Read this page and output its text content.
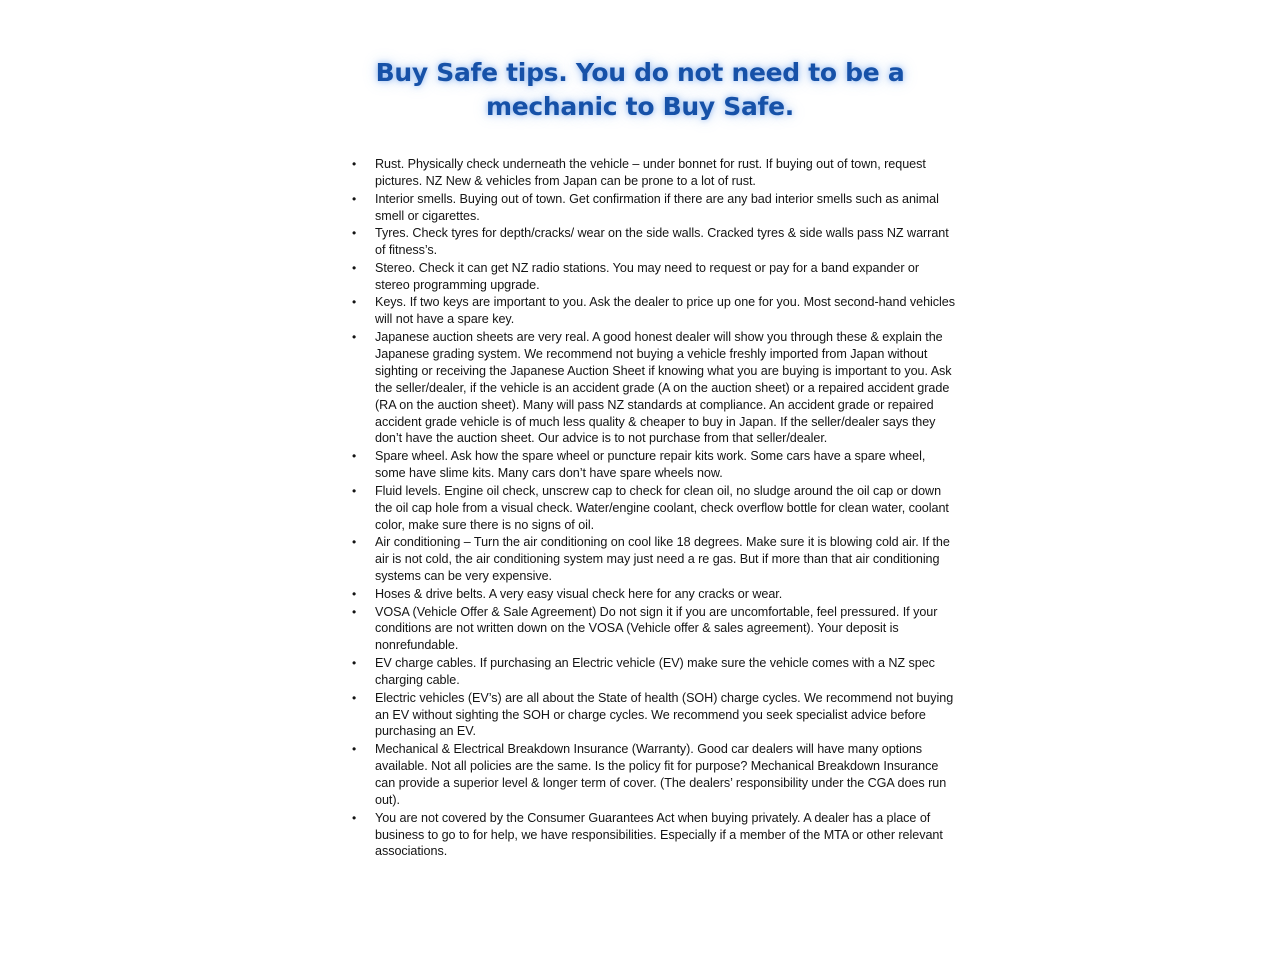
Buy Safe tips. You do not need to be a mechanic to Buy Safe.
•	Rust. Physically check underneath the vehicle – under bonnet for rust. If buying out of town, request pictures. NZ New & vehicles from Japan can be prone to a lot of rust.
•	Interior smells. Buying out of town. Get confirmation if there are any bad interior smells such as animal smell or cigarettes.
•	Tyres. Check tyres for depth/cracks/ wear on the side walls. Cracked tyres & side walls pass NZ warrant of fitness’s.
•	Stereo. Check it can get NZ radio stations. You may need to request or pay for a band expander or stereo programming upgrade.
•	Keys. If two keys are important to you. Ask the dealer to price up one for you. Most second-hand vehicles will not have a spare key.
•	Japanese auction sheets are very real. A good honest dealer will show you through these & explain the Japanese grading system. We recommend not buying a vehicle freshly imported from Japan without sighting or receiving the Japanese Auction Sheet if knowing what you are buying is important to you. Ask the seller/dealer, if the vehicle is an accident grade (A on the auction sheet) or a repaired accident grade (RA on the auction sheet). Many will pass NZ standards at compliance. An accident grade or repaired accident grade vehicle is of much less quality & cheaper to buy in Japan. If the seller/dealer says they don’t have the auction sheet. Our advice is to not purchase from that seller/dealer.
•	Spare wheel. Ask how the spare wheel or puncture repair kits work. Some cars have a spare wheel, some have slime kits. Many cars don’t have spare wheels now.
•	Fluid levels. Engine oil check, unscrew cap to check for clean oil, no sludge around the oil cap or down the oil cap hole from a visual check. Water/engine coolant, check overflow bottle for clean water, coolant color, make sure there is no signs of oil.
•	Air conditioning – Turn the air conditioning on cool like 18 degrees. Make sure it is blowing cold air. If the air is not cold, the air conditioning system may just need a re gas. But if more than that air conditioning systems can be very expensive.
•	Hoses & drive belts. A very easy visual check here for any cracks or wear.
•	VOSA (Vehicle Offer & Sale Agreement) Do not sign it if you are uncomfortable, feel pressured. If your conditions are not written down on the VOSA (Vehicle offer & sales agreement). Your deposit is nonrefundable.
•	EV charge cables. If purchasing an Electric vehicle (EV) make sure the vehicle comes with a NZ spec charging cable.
•	Electric vehicles (EV’s) are all about the State of health (SOH) charge cycles. We recommend not buying an EV without sighting the SOH or charge cycles. We recommend you seek specialist advice before purchasing an EV.
•	Mechanical & Electrical Breakdown Insurance (Warranty). Good car dealers will have many options available. Not all policies are the same. Is the policy fit for purpose? Mechanical Breakdown Insurance can provide a superior level & longer term of cover. (The dealers’ responsibility under the CGA does run out).
•	You are not covered by the Consumer Guarantees Act when buying privately. A dealer has a place of business to go to for help, we have responsibilities. Especially if a member of the MTA or other relevant associations.
